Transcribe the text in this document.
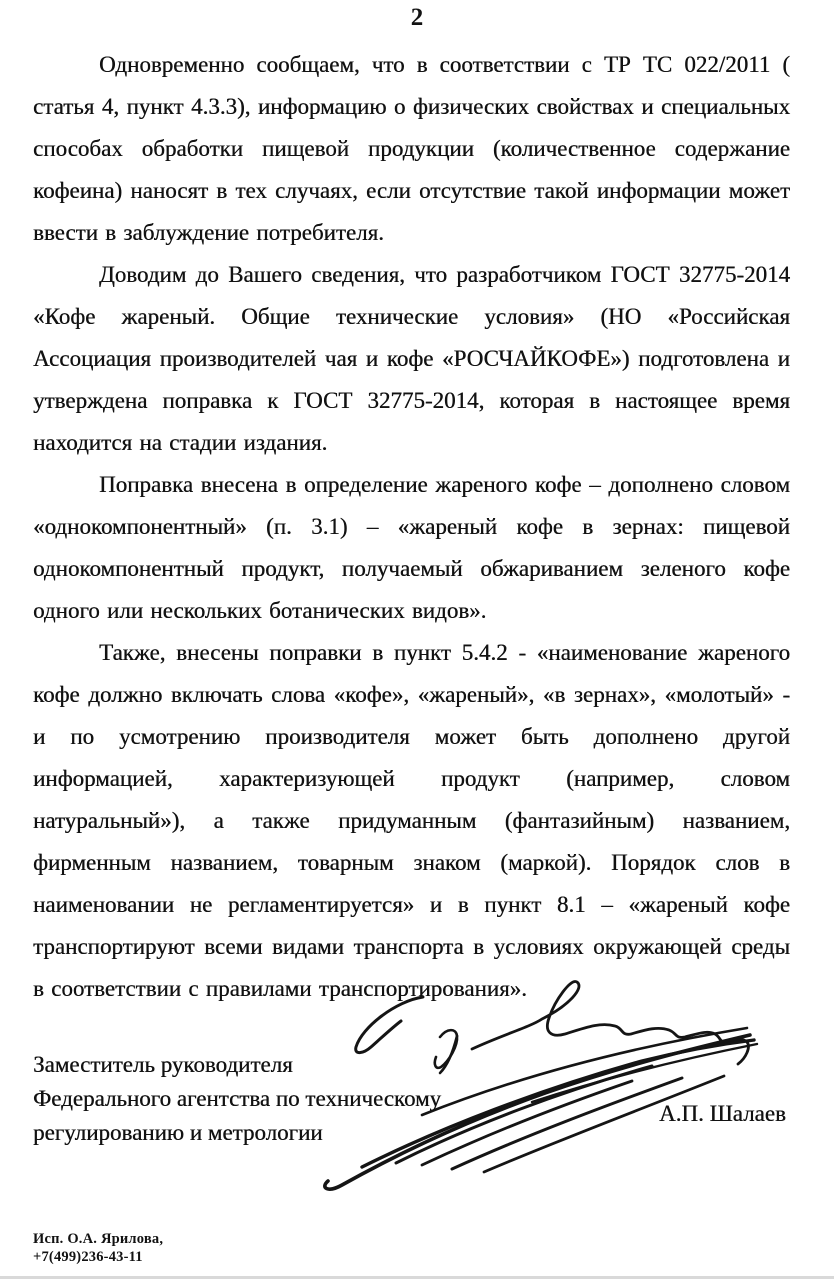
2

Одновременно сообщаем, что в соответствии с ТР ТС 022/2011 ( статья 4, пункт 4.3.3), информацию о физических свойствах и специальных способах обработки пищевой продукции (количественное содержание кофеина) наносят в тех случаях, если отсутствие такой информации может ввести в заблуждение потребителя.

Доводим до Вашего сведения, что разработчиком ГОСТ 32775-2014 «Кофе жареный. Общие технические условия» (НО «Российская Ассоциация производителей чая и кофе «РОСЧАЙКОФЕ») подготовлена и утверждена поправка к ГОСТ 32775-2014, которая в настоящее время находится на стадии издания.

Поправка внесена в определение жареного кофе – дополнено словом «однокомпонентный» (п. 3.1) – «жареный кофе в зернах: пищевой однокомпонентный продукт, получаемый обжариванием зеленого кофе одного или нескольких ботанических видов».

Также, внесены поправки в пункт 5.4.2 - «наименование жареного кофе должно включать слова «кофе», «жареный», «в зернах», «молотый» - и по усмотрению производителя может быть дополнено другой информацией, характеризующей продукт (например, словом натуральный»), а также придуманным (фантазийным) названием, фирменным названием, товарным знаком (маркой). Порядок слов в наименовании не регламентируется» и в пункт 8.1 – «жареный кофе транспортируют всеми видами транспорта в условиях окружающей среды в соответствии с правилами транспортирования».

Заместитель руководителя
Федерального агентства по техническому
регулированию и метрологии
А.П. Шалаев
Исп. О.А. Ярилова,
+7(499)236-43-11
